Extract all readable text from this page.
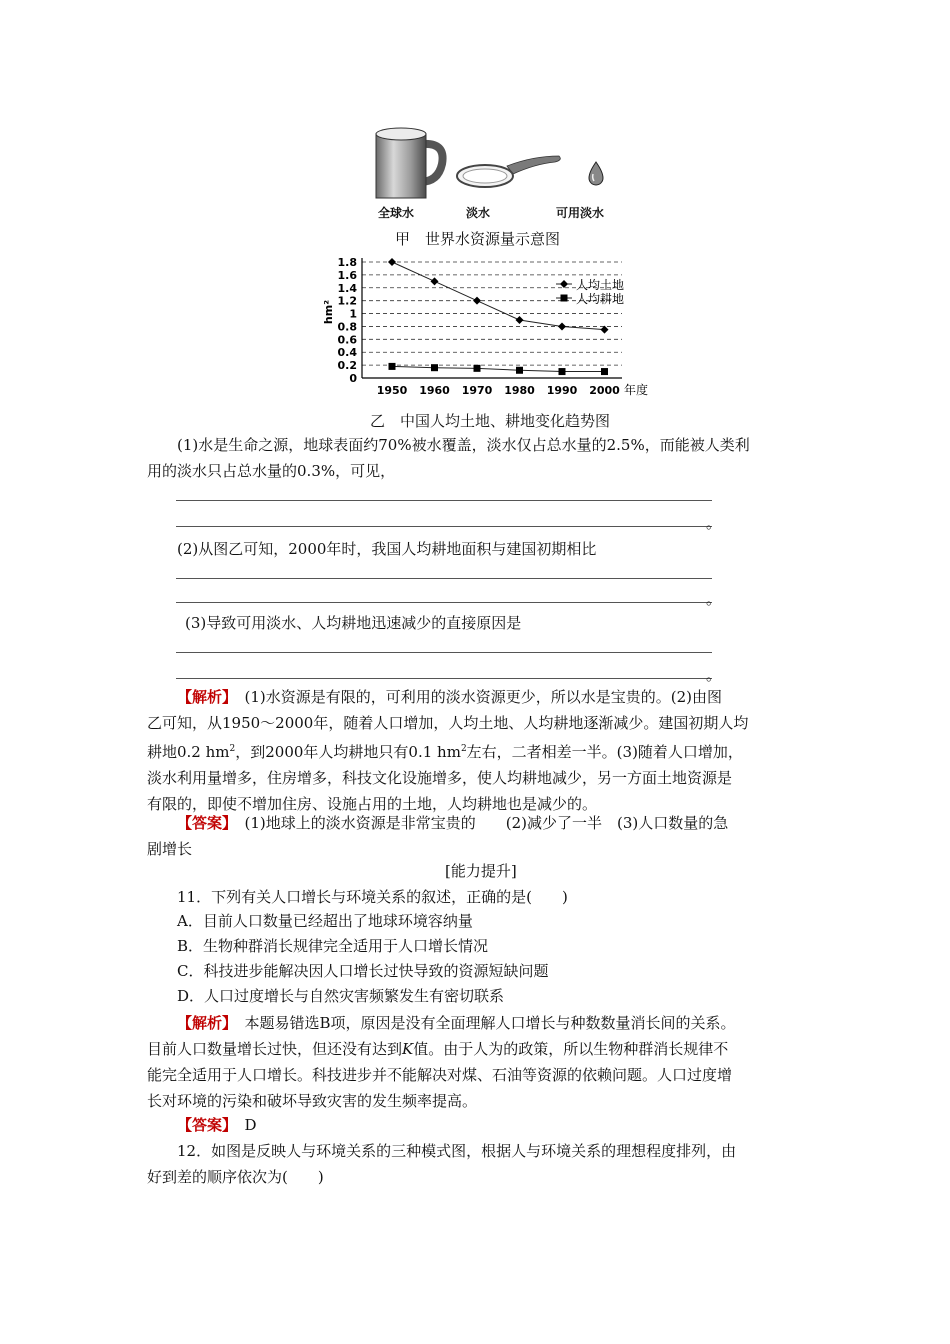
全球水	淡水	可用淡水
甲　世界水资源量示意图
1.8
1.6
1.4
1.2
1
0.8
0.6
0.4
0.2
0
1950 1960 1970 1980 1990 2000 年度
hm²
人均土地
人均耕地
乙　中国人均土地、耕地变化趋势图
(1)水是生命之源，地球表面约70%被水覆盖，淡水仅占总水量的2.5%，而能被人类利
用的淡水只占总水量的0.3%，可见，
。
(2)从图乙可知，2000年时，我国人均耕地面积与建国初期相比
。
(3)导致可用淡水、人均耕地迅速减少的直接原因是
。
【解析】　(1)水资源是有限的，可利用的淡水资源更少，所以水是宝贵的。(2)由图
乙可知，从1950～2000年，随着人口增加，人均土地、人均耕地逐渐减少。建国初期人均
耕地0.2 $hm^2$，到2000年人均耕地只有0.1 $hm^2$左右，二者相差一半。(3)随着人口增加，
淡水利用量增多，住房增多，科技文化设施增多，使人均耕地减少，另一方面土地资源是
有限的，即使不增加住房、设施占用的土地，人均耕地也是减少的。
【答案】　(1)地球上的淡水资源是非常宝贵的　　(2)减少了一半　(3)人口数量的急
剧增长
[能力提升]
11．下列有关人口增长与环境关系的叙述，正确的是(　　)
A．目前人口数量已经超出了地球环境容纳量
B．生物种群消长规律完全适用于人口增长情况
C．科技进步能解决因人口增长过快导致的资源短缺问题
D．人口过度增长与自然灾害频繁发生有密切联系
【解析】　本题易错选B项，原因是没有全面理解人口增长与种数数量消长间的关系。
目前人口数量增长过快，但还没有达到K值。由于人为的政策，所以生物种群消长规律不
能完全适用于人口增长。科技进步并不能解决对煤、石油等资源的依赖问题。人口过度增
长对环境的污染和破坏导致灾害的发生频率提高。
【答案】　D
12．如图是反映人与环境关系的三种模式图，根据人与环境关系的理想程度排列，由
好到差的顺序依次为(　　)
